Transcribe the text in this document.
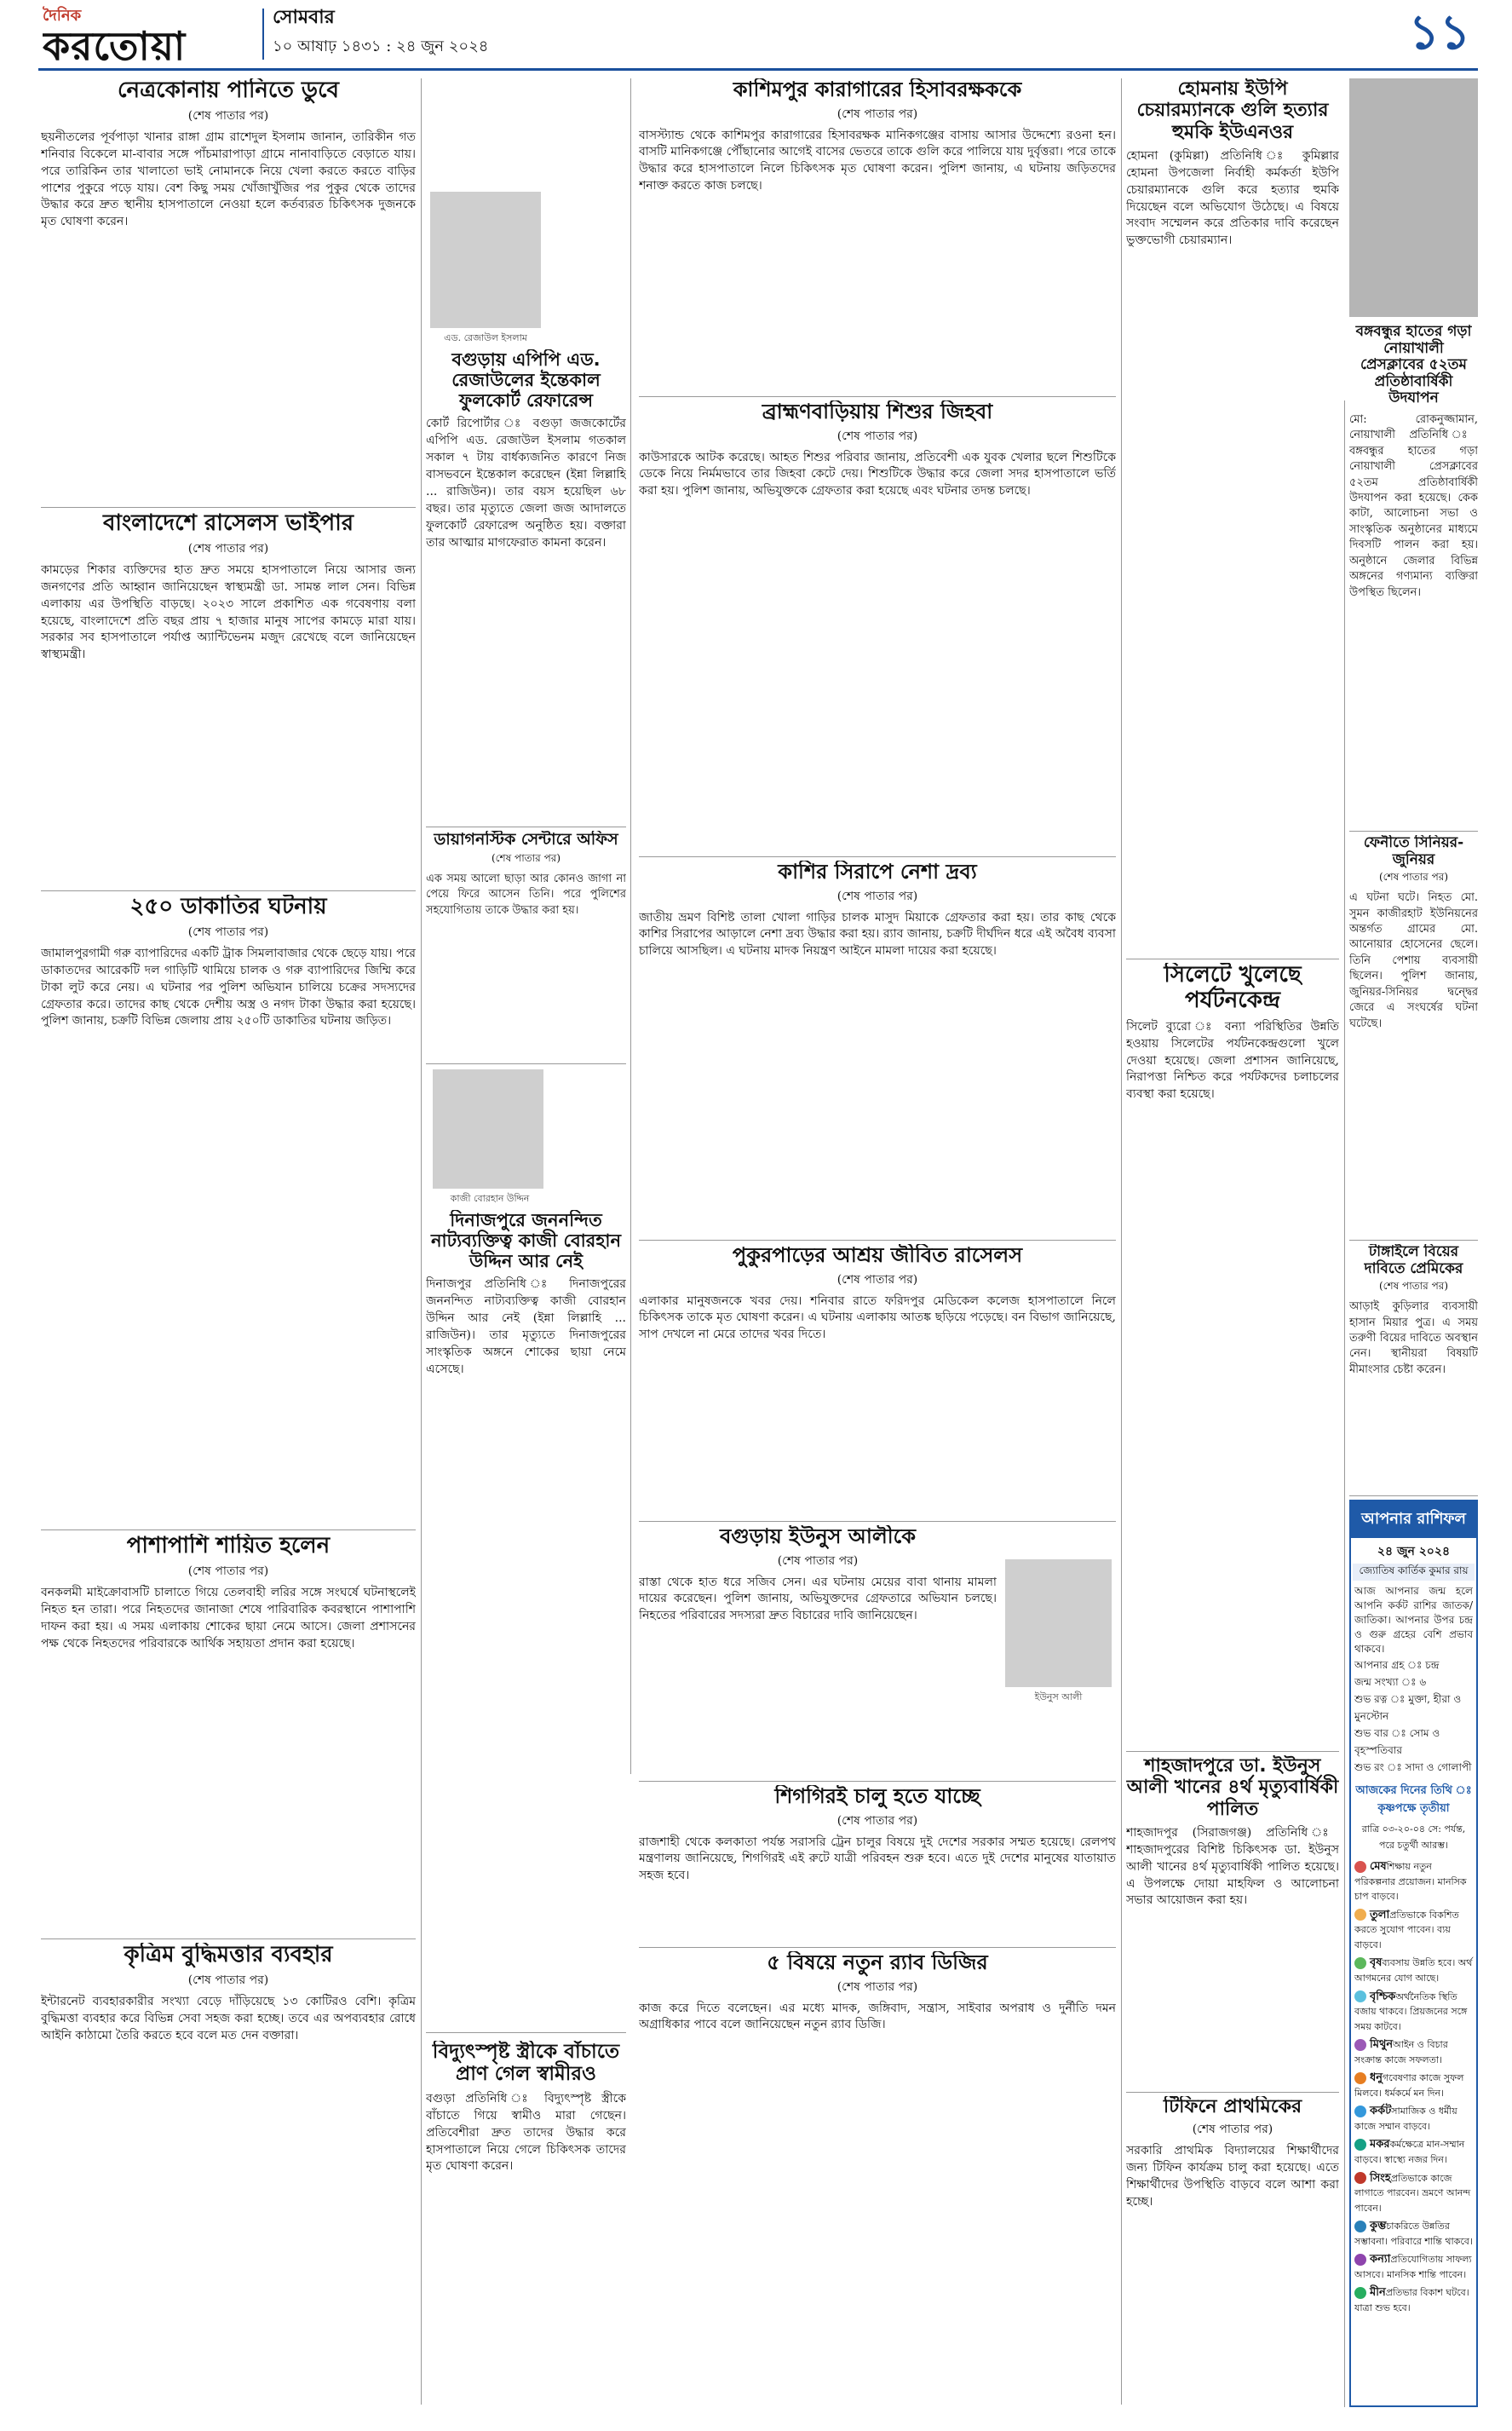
দৈনিক
করতোয়া
সোমবার
১০ আষাঢ় ১৪৩১ : ২৪ জুন ২০২৪	১১
নেত্রকোনায় পানিতে ডুবে
(শেষ পাতার পর)

ছয়নীতলের পূর্বপাড়া খানার রাঙ্গা গ্রাম রাশেদুল ইসলাম জানান, তারিকীন গত শনিবার বিকেলে মা-বাবার সঙ্গে পাঁচমারাপাড়া গ্রামে নানাবাড়িতে বেড়াতে যায়। পরে তারিকিন তার খালাতো ভাই নোমানকে নিয়ে খেলা করতে করতে বাড়ির পাশের পুকুরে পড়ে যায়। বেশ কিছু সময় খোঁজাখুঁজির পর পুকুর থেকে তাদের উদ্ধার করে দ্রুত স্থানীয় হাসপাতালে নেওয়া হলে কর্তব্যরত চিকিৎসক দুজনকে মৃত ঘোষণা করেন।

বাংলাদেশে রাসেলস ভাইপার
(শেষ পাতার পর)

কামড়ের শিকার ব্যক্তিদের হাত দ্রুত সময়ে হাসপাতালে নিয়ে আসার জন্য জনগণের প্রতি আহ্বান জানিয়েছেন স্বাস্থ্যমন্ত্রী ডা. সামন্ত লাল সেন। বিভিন্ন এলাকায় এর উপস্থিতি বাড়ছে। ২০২৩ সালে প্রকাশিত এক গবেষণায় বলা হয়েছে, বাংলাদেশে প্রতি বছর প্রায় ৭ হাজার মানুষ সাপের কামড়ে মারা যায়। সরকার সব হাসপাতালে পর্যাপ্ত অ্যান্টিভেনম মজুদ রেখেছে বলে জানিয়েছেন স্বাস্থ্যমন্ত্রী।

২৫০ ডাকাতির ঘটনায়
(শেষ পাতার পর)

জামালপুরগামী গরু ব্যাপারিদের একটি ট্রাক সিমলাবাজার থেকে ছেড়ে যায়। পরে ডাকাতদের আরেকটি দল গাড়িটি থামিয়ে চালক ও গরু ব্যাপারিদের জিম্মি করে টাকা লুট করে নেয়। এ ঘটনার পর পুলিশ অভিযান চালিয়ে চক্রের সদস্যদের গ্রেফতার করে। তাদের কাছ থেকে দেশীয় অস্ত্র ও নগদ টাকা উদ্ধার করা হয়েছে। পুলিশ জানায়, চক্রটি বিভিন্ন জেলায় প্রায় ২৫০টি ডাকাতির ঘটনায় জড়িত।

পাশাপাশি শায়িত হলেন
(শেষ পাতার পর)

বনকলমী মাইক্রোবাসটি চালাতে গিয়ে তেলবাহী লরির সঙ্গে সংঘর্ষে ঘটনাস্থলেই নিহত হন তারা। পরে নিহতদের জানাজা শেষে পারিবারিক কবরস্থানে পাশাপাশি দাফন করা হয়। এ সময় এলাকায় শোকের ছায়া নেমে আসে। জেলা প্রশাসনের পক্ষ থেকে নিহতদের পরিবারকে আর্থিক সহায়তা প্রদান করা হয়েছে।

কৃত্রিম বুদ্ধিমত্তার ব্যবহার
(শেষ পাতার পর)

ইন্টারনেট ব্যবহারকারীর সংখ্যা বেড়ে দাঁড়িয়েছে ১৩ কোটিরও বেশি। কৃত্রিম বুদ্ধিমত্তা ব্যবহার করে বিভিন্ন সেবা সহজ করা হচ্ছে। তবে এর অপব্যবহার রোধে আইনি কাঠামো তৈরি করতে হবে বলে মত দেন বক্তারা।

এড. রেজাউল ইসলাম
বগুড়ায় এপিপি এড. রেজাউলের ইন্তেকাল ফুলকোর্ট রেফারেন্স

কোর্ট রিপোর্টার ঃ বগুড়া জজকোর্টের এপিপি এড. রেজাউল ইসলাম গতকাল সকাল ৭ টায় বার্ধক্যজনিত কারণে নিজ বাসভবনে ইন্তেকাল করেছেন (ইন্না লিল্লাহি ... রাজিউন)। তার বয়স হয়েছিল ৬৮ বছর। তার মৃত্যুতে জেলা জজ আদালতে ফুলকোর্ট রেফারেন্স অনুষ্ঠিত হয়। বক্তারা তার আত্মার মাগফেরাত কামনা করেন।

কাজী বোরহান উদ্দিন
দিনাজপুরে জননন্দিত নাট্যব্যক্তিত্ব কাজী বোরহান উদ্দিন আর নেই

দিনাজপুর প্রতিনিধি ঃ দিনাজপুরের জননন্দিত নাট্যব্যক্তিত্ব কাজী বোরহান উদ্দিন আর নেই (ইন্না লিল্লাহি ... রাজিউন)। তার মৃত্যুতে দিনাজপুরের সাংস্কৃতিক অঙ্গনে শোকের ছায়া নেমে এসেছে।

কাশিমপুর কারাগারের হিসাবরক্ষককে
(শেষ পাতার পর)

বাসস্ট্যান্ড থেকে কাশিমপুর কারাগারের হিসাবরক্ষক মানিকগঞ্জের বাসায় আসার উদ্দেশ্যে রওনা হন। বাসটি মানিকগঞ্জে পৌঁছানোর আগেই বাসের ভেতরে তাকে গুলি করে পালিয়ে যায় দুর্বৃত্তরা। পরে তাকে উদ্ধার করে হাসপাতালে নিলে চিকিৎসক মৃত ঘোষণা করেন। পুলিশ জানায়, এ ঘটনায় জড়িতদের শনাক্ত করতে কাজ চলছে।

ব্রাহ্মণবাড়িয়ায় শিশুর জিহবা
(শেষ পাতার পর)

কাউসারকে আটক করেছে। আহত শিশুর পরিবার জানায়, প্রতিবেশী এক যুবক খেলার ছলে শিশুটিকে ডেকে নিয়ে নির্মমভাবে তার জিহবা কেটে দেয়। শিশুটিকে উদ্ধার করে জেলা সদর হাসপাতালে ভর্তি করা হয়। পুলিশ জানায়, অভিযুক্তকে গ্রেফতার করা হয়েছে এবং ঘটনার তদন্ত চলছে।

কাশির সিরাপে নেশা দ্রব্য
(শেষ পাতার পর)

জাতীয় ভ্রমণ বিশিষ্ট তালা খোলা গাড়ির চালক মাসুদ মিয়াকে গ্রেফতার করা হয়। তার কাছ থেকে কাশির সিরাপের আড়ালে নেশা দ্রব্য উদ্ধার করা হয়। র‍্যাব জানায়, চক্রটি দীর্ঘদিন ধরে এই অবৈধ ব্যবসা চালিয়ে আসছিল। এ ঘটনায় মাদক নিয়ন্ত্রণ আইনে মামলা দায়ের করা হয়েছে।

পুকুরপাড়ের আশ্রয় জীবিত রাসেলস
(শেষ পাতার পর)

এলাকার মানুষজনকে খবর দেয়। শনিবার রাতে ফরিদপুর মেডিকেল কলেজ হাসপাতালে নিলে চিকিৎসক তাকে মৃত ঘোষণা করেন। এ ঘটনায় এলাকায় আতঙ্ক ছড়িয়ে পড়েছে। বন বিভাগ জানিয়েছে, সাপ দেখলে না মেরে তাদের খবর দিতে।

বগুড়ায় ইউনুস আলীকে
(শেষ পাতার পর)

রাস্তা থেকে হাত ধরে সজিব সেন। এর ঘটনায় মেয়ের বাবা থানায় মামলা দায়ের করেছেন। পুলিশ জানায়, অভিযুক্তদের গ্রেফতারে অভিযান চলছে। নিহতের পরিবারের সদস্যরা দ্রুত বিচারের দাবি জানিয়েছেন।

ইউনুস আলী
শিগগিরই চালু হতে যাচ্ছে
(শেষ পাতার পর)

রাজশাহী থেকে কলকাতা পর্যন্ত সরাসরি ট্রেন চালুর বিষয়ে দুই দেশের সরকার সম্মত হয়েছে। রেলপথ মন্ত্রণালয় জানিয়েছে, শিগগিরই এই রুটে যাত্রী পরিবহন শুরু হবে। এতে দুই দেশের মানুষের যাতায়াত সহজ হবে।

বিদ্যুৎস্পৃষ্ট স্ত্রীকে বাঁচাতে প্রাণ গেল স্বামীরও

বগুড়া প্রতিনিধি ঃ বিদ্যুৎস্পৃষ্ট স্ত্রীকে বাঁচাতে গিয়ে স্বামীও মারা গেছেন। প্রতিবেশীরা দ্রুত তাদের উদ্ধার করে হাসপাতালে নিয়ে গেলে চিকিৎসক তাদের মৃত ঘোষণা করেন।

৫ বিষয়ে নতুন র‍্যাব ডিজির
(শেষ পাতার পর)

কাজ করে দিতে বলেছেন। এর মধ্যে মাদক, জঙ্গিবাদ, সন্ত্রাস, সাইবার অপরাধ ও দুর্নীতি দমন অগ্রাধিকার পাবে বলে জানিয়েছেন নতুন র‍্যাব ডিজি।

হোমনায় ইউপি চেয়ারম্যানকে গুলি হত্যার হুমকি ইউএনওর

হোমনা (কুমিল্লা) প্রতিনিধি ঃ কুমিল্লার হোমনা উপজেলা নির্বাহী কর্মকর্তা ইউপি চেয়ারম্যানকে গুলি করে হত্যার হুমকি দিয়েছেন বলে অভিযোগ উঠেছে। এ বিষয়ে সংবাদ সম্মেলন করে প্রতিকার দাবি করেছেন ভুক্তভোগী চেয়ারম্যান।

সিলেটে খুলেছে পর্যটনকেন্দ্র

সিলেট ব্যুরো ঃ বন্যা পরিস্থিতির উন্নতি হওয়ায় সিলেটের পর্যটনকেন্দ্রগুলো খুলে দেওয়া হয়েছে। জেলা প্রশাসন জানিয়েছে, নিরাপত্তা নিশ্চিত করে পর্যটকদের চলাচলের ব্যবস্থা করা হয়েছে।

শাহজাদপুরে ডা. ইউনুস আলী খানের ৪র্থ মৃত্যুবার্ষিকী পালিত

শাহজাদপুর (সিরাজগঞ্জ) প্রতিনিধি ঃ শাহজাদপুরের বিশিষ্ট চিকিৎসক ডা. ইউনুস আলী খানের ৪র্থ মৃত্যুবার্ষিকী পালিত হয়েছে। এ উপলক্ষে দোয়া মাহফিল ও আলোচনা সভার আয়োজন করা হয়।

টিফিনে প্রাথমিকের
(শেষ পাতার পর)

সরকারি প্রাথমিক বিদ্যালয়ের শিক্ষার্থীদের জন্য টিফিন কার্যক্রম চালু করা হয়েছে। এতে শিক্ষার্থীদের উপস্থিতি বাড়বে বলে আশা করা হচ্ছে।

বঙ্গবন্ধুর হাতের গড়া নোয়াখালী প্রেসক্লাবের ৫২তম প্রতিষ্ঠাবার্ষিকী উদযাপন

মো: রোকনুজ্জামান, নোয়াখালী প্রতিনিধি ঃ বঙ্গবন্ধুর হাতের গড়া নোয়াখালী প্রেসক্লাবের ৫২তম প্রতিষ্ঠাবার্ষিকী উদযাপন করা হয়েছে। কেক কাটা, আলোচনা সভা ও সাংস্কৃতিক অনুষ্ঠানের মাধ্যমে দিবসটি পালন করা হয়। অনুষ্ঠানে জেলার বিভিন্ন অঙ্গনের গণ্যমান্য ব্যক্তিরা উপস্থিত ছিলেন।

ফেনীতে সিনিয়র-জুনিয়র
(শেষ পাতার পর)

এ ঘটনা ঘটে। নিহত মো. সুমন কাজীরহাট ইউনিয়নের অন্তর্গত গ্রামের মো. আনোয়ার হোসেনের ছেলে। তিনি পেশায় ব্যবসায়ী ছিলেন। পুলিশ জানায়, জুনিয়র-সিনিয়র দ্বন্দ্বের জেরে এ সংঘর্ষের ঘটনা ঘটেছে।

টাঙ্গাইলে বিয়ের দাবিতে প্রেমিকের
(শেষ পাতার পর)

আড়াই কুড়িলার ব্যবসায়ী হাসান মিয়ার পুত্র। এ সময় তরুণী বিয়ের দাবিতে অবস্থান নেন। স্থানীয়রা বিষয়টি মীমাংসার চেষ্টা করেন।

আপনার রাশিফল
২৪ জুন ২০২৪
জ্যোতিষ কার্তিক কুমার রায়

আজ আপনার জন্ম হলে আপনি কর্কট রাশির জাতক/জাতিকা। আপনার উপর চন্দ্র ও গুরু গ্রহের বেশি প্রভাব থাকবে।

আপনার গ্রহ ঃ চন্দ্র
জন্ম সংখ্যা ঃ ৬
শুভ রত্ন ঃ মুক্তা, হীরা ও মুনস্টোন
শুভ বার ঃ সোম ও বৃহস্পতিবার
শুভ রং ঃ সাদা ও গোলাপী
আজকের দিনের তিথি ঃ কৃষ্ণপক্ষে তৃতীয়া
রাত্রি ০৩-২০-০৪ সে: পর্যন্ত, পরে চতুর্থী আরম্ভ।
মেষশিক্ষায় নতুন পরিকল্পনার প্রয়োজন। মানসিক চাপ বাড়বে।
তুলাপ্রতিভাকে বিকশিত করতে সুযোগ পাবেন। ব্যয় বাড়বে।
বৃষব্যবসায় উন্নতি হবে। অর্থ আগমনের যোগ আছে।
বৃশ্চিকঅর্থনৈতিক স্থিতি বজায় থাকবে। প্রিয়জনের সঙ্গে সময় কাটবে।
মিথুনআইন ও বিচার সংক্রান্ত কাজে সফলতা।
ধনুগবেষণার কাজে সুফল মিলবে। ধর্মকর্মে মন দিন।
কর্কটসামাজিক ও ধর্মীয় কাজে সম্মান বাড়বে।
মকরকর্মক্ষেত্রে মান-সম্মান বাড়বে। স্বাস্থ্যে নজর দিন।
সিংহপ্রতিভাকে কাজে লাগাতে পারবেন। ভ্রমণে আনন্দ পাবেন।
কুম্ভচাকরিতে উন্নতির সম্ভাবনা। পরিবারে শান্তি থাকবে।
কন্যাপ্রতিযোগিতায় সাফল্য আসবে। মানসিক শান্তি পাবেন।
মীনপ্রতিভার বিকাশ ঘটবে। যাত্রা শুভ হবে।
ডায়াগনস্টিক সেন্টারে অফিস
(শেষ পাতার পর)

এক সময় আলো ছাড়া আর কোনও জাগা না পেয়ে ফিরে আসেন তিনি। পরে পুলিশের সহযোগিতায় তাকে উদ্ধার করা হয়।
